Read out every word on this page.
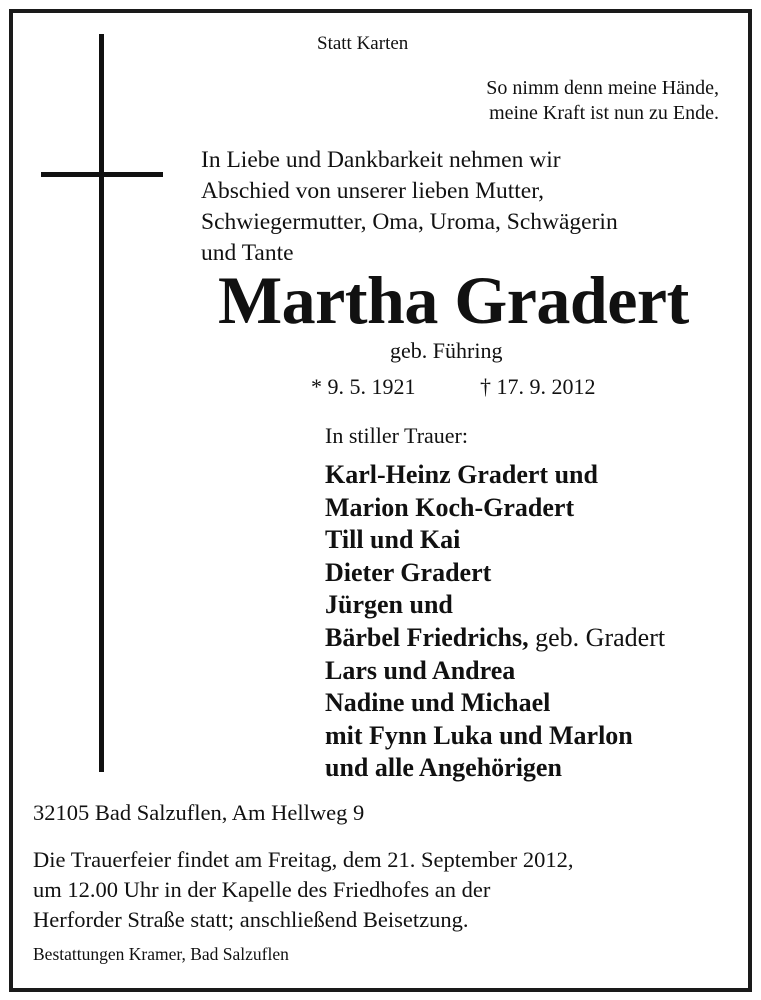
Statt Karten
So nimm denn meine Hände,
meine Kraft ist nun zu Ende.
In Liebe und Dankbarkeit nehmen wir
Abschied von unserer lieben Mutter,
Schwiegermutter, Oma, Uroma, Schwägerin
und Tante
Martha Gradert
geb. Führing
* 9. 5. 1921	† 17. 9. 2012
In stiller Trauer:
Karl-Heinz Gradert und
Marion Koch-Gradert
Till und Kai
Dieter Gradert
Jürgen und
Bärbel Friedrichs, geb. Gradert
Lars und Andrea
Nadine und Michael
mit Fynn Luka und Marlon
und alle Angehörigen
32105 Bad Salzuflen, Am Hellweg 9
Die Trauerfeier findet am Freitag, dem 21. September 2012,
um 12.00 Uhr in der Kapelle des Friedhofes an der
Herforder Straße statt; anschließend Beisetzung.
Bestattungen Kramer, Bad Salzuflen
